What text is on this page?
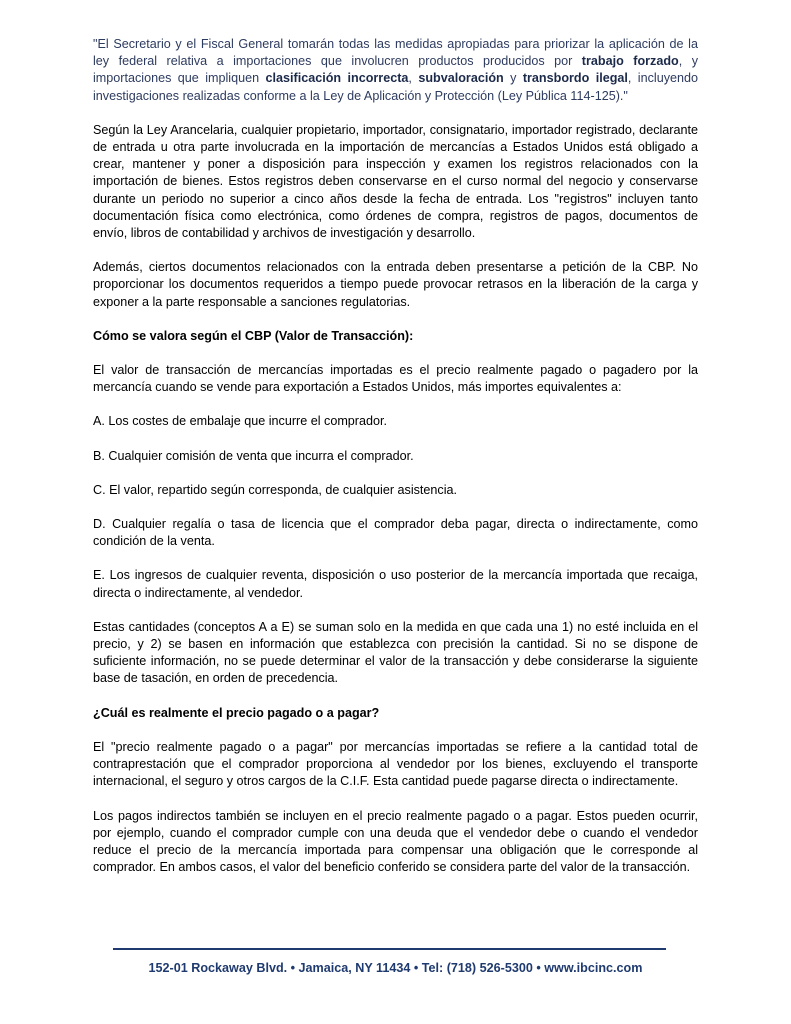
"El Secretario y el Fiscal General tomarán todas las medidas apropiadas para priorizar la aplicación de la ley federal relativa a importaciones que involucren productos producidos por trabajo forzado, y importaciones que impliquen clasificación incorrecta, subvaloración y transbordo ilegal, incluyendo investigaciones realizadas conforme a la Ley de Aplicación y Protección (Ley Pública 114-125)."

Según la Ley Arancelaria, cualquier propietario, importador, consignatario, importador registrado, declarante de entrada u otra parte involucrada en la importación de mercancías a Estados Unidos está obligado a crear, mantener y poner a disposición para inspección y examen los registros relacionados con la importación de bienes. Estos registros deben conservarse en el curso normal del negocio y conservarse durante un periodo no superior a cinco años desde la fecha de entrada. Los "registros" incluyen tanto documentación física como electrónica, como órdenes de compra, registros de pagos, documentos de envío, libros de contabilidad y archivos de investigación y desarrollo.

Además, ciertos documentos relacionados con la entrada deben presentarse a petición de la CBP. No proporcionar los documentos requeridos a tiempo puede provocar retrasos en la liberación de la carga y exponer a la parte responsable a sanciones regulatorias.

Cómo se valora según el CBP (Valor de Transacción):

El valor de transacción de mercancías importadas es el precio realmente pagado o pagadero por la mercancía cuando se vende para exportación a Estados Unidos, más importes equivalentes a:

A. Los costes de embalaje que incurre el comprador.

B. Cualquier comisión de venta que incurra el comprador.

C. El valor, repartido según corresponda, de cualquier asistencia.

D. Cualquier regalía o tasa de licencia que el comprador deba pagar, directa o indirectamente, como condición de la venta.

E. Los ingresos de cualquier reventa, disposición o uso posterior de la mercancía importada que recaiga, directa o indirectamente, al vendedor.

Estas cantidades (conceptos A a E) se suman solo en la medida en que cada una 1) no esté incluida en el precio, y 2) se basen en información que establezca con precisión la cantidad. Si no se dispone de suficiente información, no se puede determinar el valor de la transacción y debe considerarse la siguiente base de tasación, en orden de precedencia.

¿Cuál es realmente el precio pagado o a pagar?

El "precio realmente pagado o a pagar" por mercancías importadas se refiere a la cantidad total de contraprestación que el comprador proporciona al vendedor por los bienes, excluyendo el transporte internacional, el seguro y otros cargos de la C.I.F. Esta cantidad puede pagarse directa o indirectamente.

Los pagos indirectos también se incluyen en el precio realmente pagado o a pagar. Estos pueden ocurrir, por ejemplo, cuando el comprador cumple con una deuda que el vendedor debe o cuando el vendedor reduce el precio de la mercancía importada para compensar una obligación que le corresponde al comprador. En ambos casos, el valor del beneficio conferido se considera parte del valor de la transacción.

152-01 Rockaway Blvd. • Jamaica, NY 11434 • Tel: (718) 526-5300 • www.ibcinc.com
